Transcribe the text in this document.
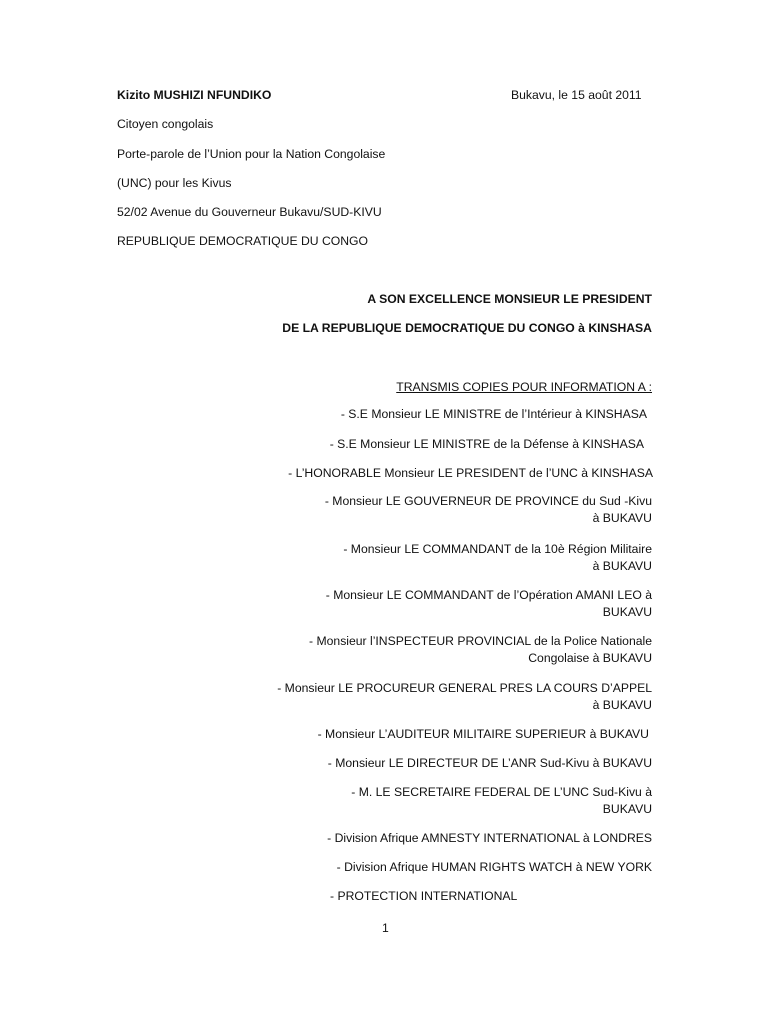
Kizito MUSHIZI NFUNDIKO	Bukavu, le 15 août 2011
Citoyen congolais
Porte-parole de l’Union pour la Nation Congolaise
(UNC) pour les Kivus
52/02 Avenue du Gouverneur Bukavu/SUD-KIVU
REPUBLIQUE DEMOCRATIQUE DU CONGO
A SON EXCELLENCE MONSIEUR LE PRESIDENT
DE LA REPUBLIQUE DEMOCRATIQUE DU CONGO à KINSHASA
TRANSMIS COPIES POUR INFORMATION A :
- S.E Monsieur LE MINISTRE de l’Intérieur à KINSHASA
- S.E Monsieur LE MINISTRE de la Défense à KINSHASA
- L’HONORABLE Monsieur LE PRESIDENT de l’UNC à KINSHASA
- Monsieur LE GOUVERNEUR DE PROVINCE du Sud -Kivu
à BUKAVU
- Monsieur LE COMMANDANT de la 10è Région Militaire
à BUKAVU
- Monsieur LE COMMANDANT de l’Opération AMANI LEO à
BUKAVU
- Monsieur l’INSPECTEUR PROVINCIAL de la Police Nationale
Congolaise à BUKAVU
- Monsieur LE PROCUREUR GENERAL PRES LA COURS D’APPEL
à BUKAVU
- Monsieur L’AUDITEUR MILITAIRE SUPERIEUR à BUKAVU
- Monsieur LE DIRECTEUR DE L’ANR Sud-Kivu à BUKAVU
- M. LE SECRETAIRE FEDERAL DE L’UNC Sud-Kivu à
BUKAVU
- Division Afrique AMNESTY INTERNATIONAL à LONDRES
- Division Afrique HUMAN RIGHTS WATCH à NEW YORK
- PROTECTION INTERNATIONAL
1
